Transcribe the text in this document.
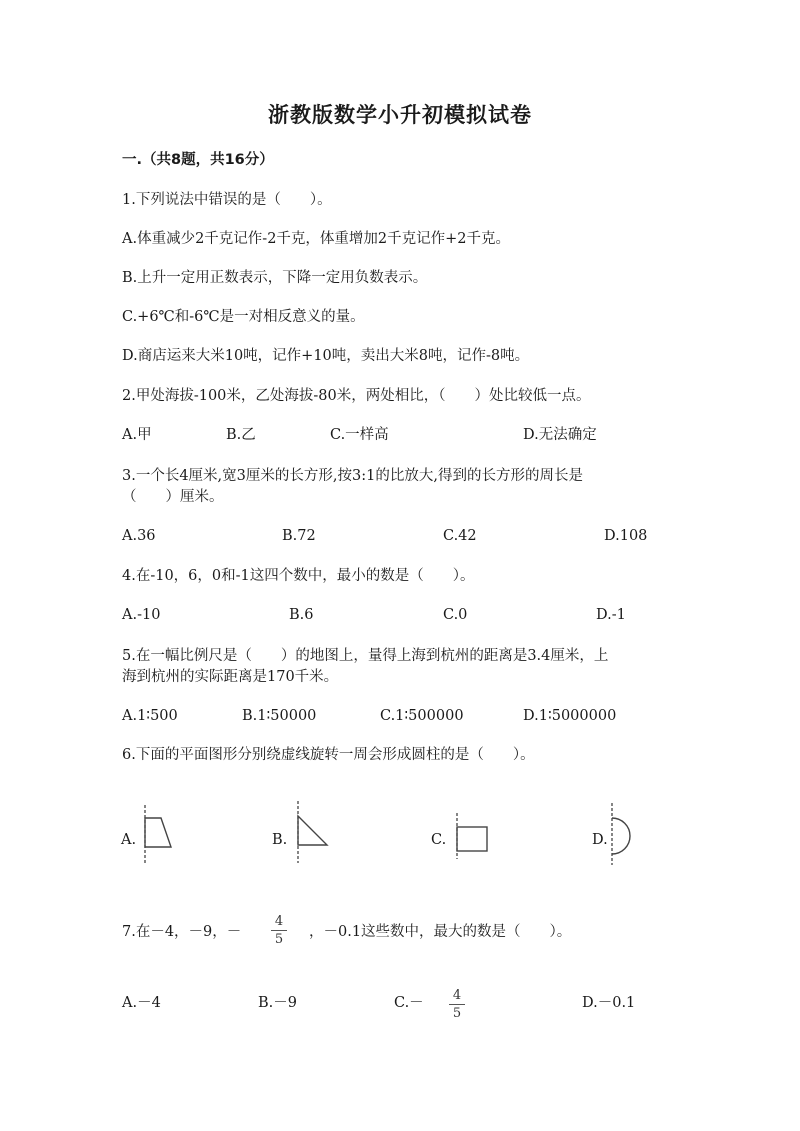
浙教版数学小升初模拟试卷
一.（共8题，共16分）
1.下列说法中错误的是（　　）。
A.体重减少2千克记作-2千克，体重增加2千克记作+2千克。
B.上升一定用正数表示，下降一定用负数表示。
C.+6℃和-6℃是一对相反意义的量。
D.商店运来大米10吨，记作+10吨，卖出大米8吨，记作-8吨。
2.甲处海拔-100米，乙处海拔-80米，两处相比，（　　）处比较低一点。
A.甲	B.乙	C.一样高	D.无法确定
3.一个长4厘米,宽3厘米的长方形,按3:1的比放大,得到的长方形的周长是
（　　）厘米。
A.36	B.72	C.42	D.108
4.在-10，6，0和-1这四个数中，最小的数是（　　）。
A.-10	B.6	C.0	D.-1
5.在一幅比例尺是（　　）的地图上，量得上海到杭州的距离是3.4厘米，上
海到杭州的实际距离是170千米。
A.1∶500	B.1∶50000	C.1∶500000	D.1∶5000000
6.下面的平面图形分别绕虚线旋转一周会形成圆柱的是（　　）。
A.	B.	C.	D.
7.在－4，－9，－
4
5 ，－0.1这些数中，最大的数是（　　）。
A.－4	B.－9	C.－ 4
5
D.－0.1
